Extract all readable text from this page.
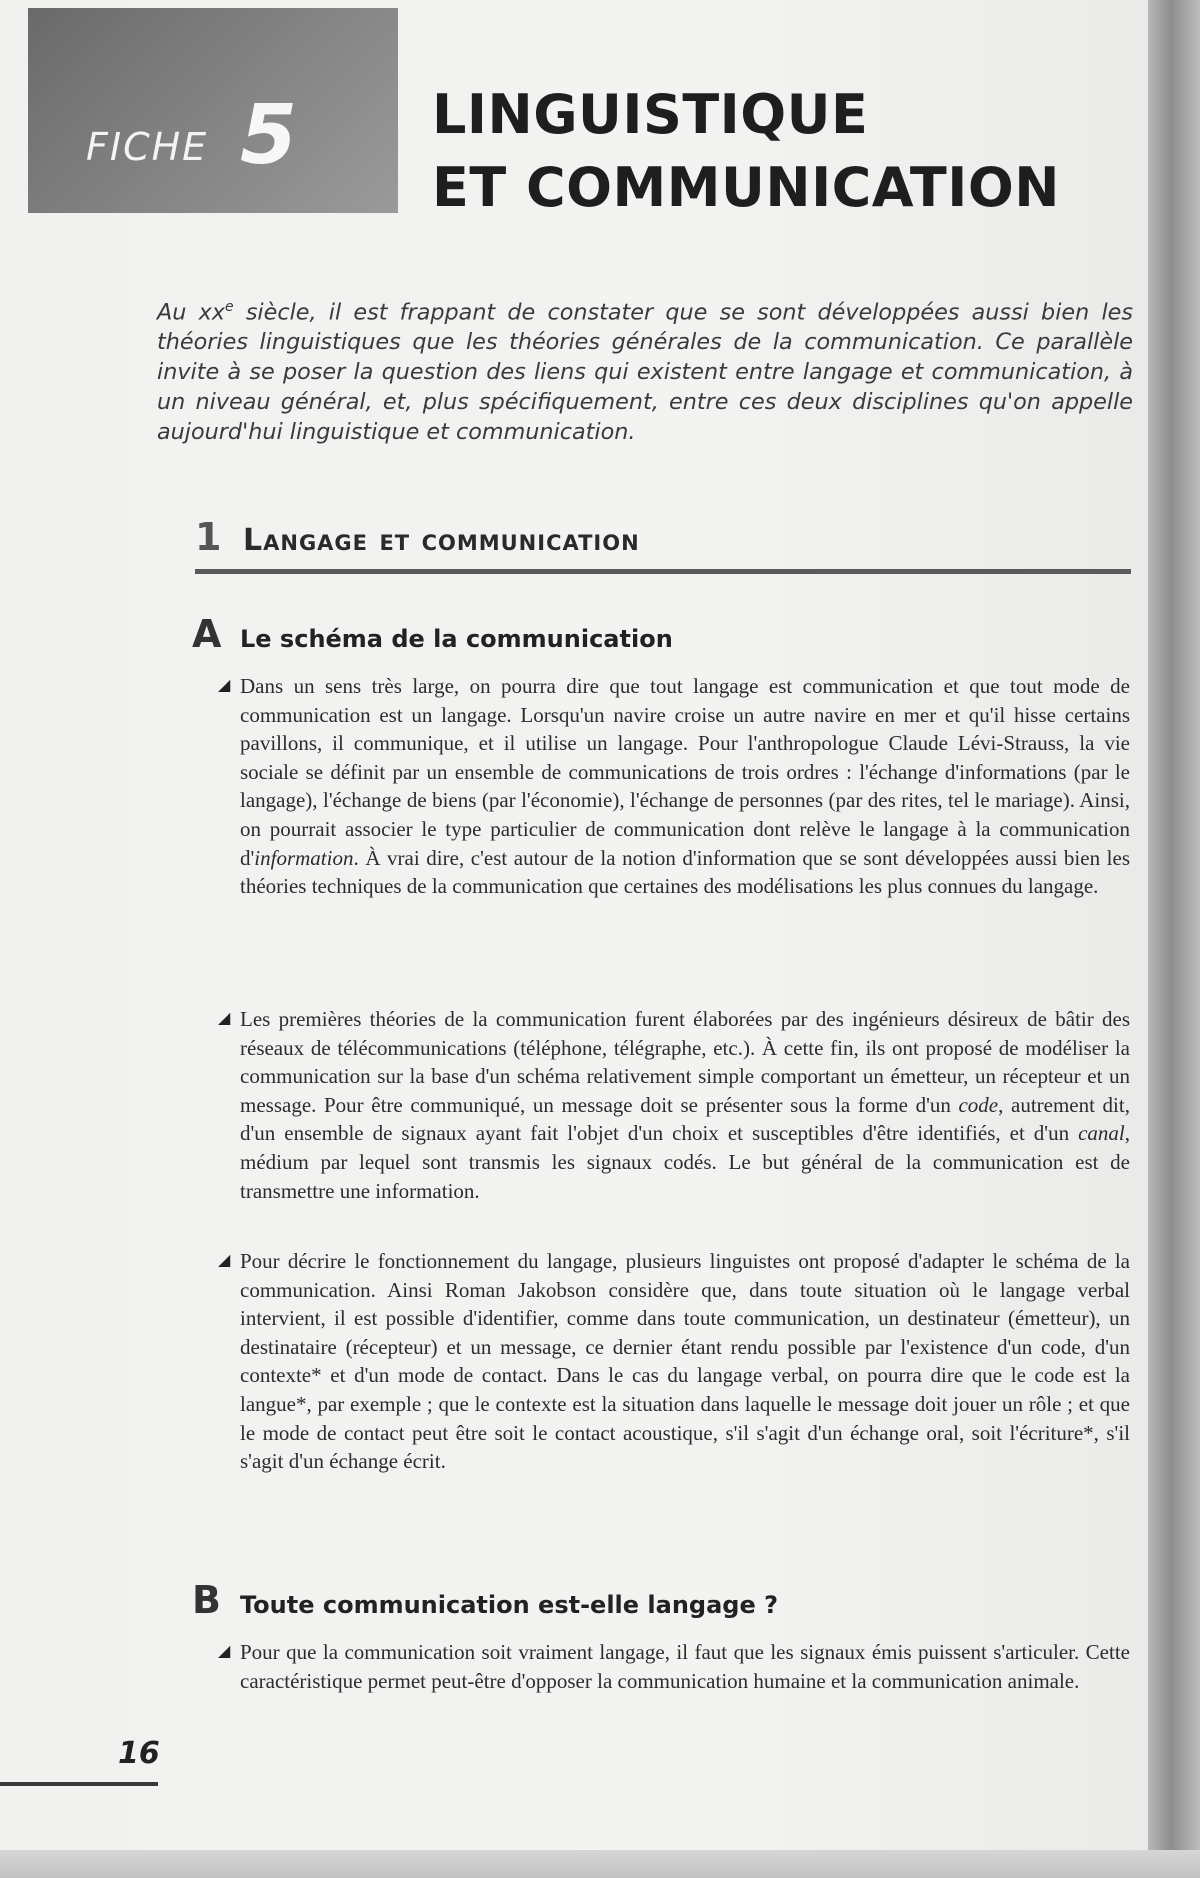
FICHE 5 LINGUISTIQUE
ET COMMUNICATION
Au $xx^e$ siècle, il est frappant de constater que se sont développées aussi bien les théories linguistiques que les théories générales de la communication. Ce parallèle invite à se poser la question des liens qui existent entre langage et communication, à un niveau général, et, plus spécifiquement, entre ces deux disciplines qu'on appelle aujourd'hui linguistique et communication.
1 Langage et communication
A Le schéma de la communication
◢ Dans un sens très large, on pourra dire que tout langage est communication et que tout mode de communication est un langage. Lorsqu'un navire croise un autre navire en mer et qu'il hisse certains pavillons, il communique, et il utilise un langage. Pour l'anthropologue Claude Lévi-Strauss, la vie sociale se définit par un ensemble de communications de trois ordres : l'échange d'informations (par le langage), l'échange de biens (par l'économie), l'échange de personnes (par des rites, tel le mariage). Ainsi, on pourrait associer le type particulier de communication dont relève le langage à la communication d'information. À vrai dire, c'est autour de la notion d'information que se sont développées aussi bien les théories techniques de la communication que certaines des modélisations les plus connues du langage.
◢ Les premières théories de la communication furent élaborées par des ingénieurs désireux de bâtir des réseaux de télécommunications (téléphone, télégraphe, etc.). À cette fin, ils ont proposé de modéliser la communication sur la base d'un schéma relativement simple comportant un émetteur, un récepteur et un message. Pour être communiqué, un message doit se présenter sous la forme d'un code, autrement dit, d'un ensemble de signaux ayant fait l'objet d'un choix et susceptibles d'être identifiés, et d'un canal, médium par lequel sont transmis les signaux codés. Le but général de la communication est de transmettre une information.
◢ Pour décrire le fonctionnement du langage, plusieurs linguistes ont proposé d'adapter le schéma de la communication. Ainsi Roman Jakobson considère que, dans toute situation où le langage verbal intervient, il est possible d'identifier, comme dans toute communication, un destinateur (émetteur), un destinataire (récepteur) et un message, ce dernier étant rendu possible par l'existence d'un code, d'un contexte* et d'un mode de contact. Dans le cas du langage verbal, on pourra dire que le code est la langue*, par exemple ; que le contexte est la situation dans laquelle le message doit jouer un rôle ; et que le mode de contact peut être soit le contact acoustique, s'il s'agit d'un échange oral, soit l'écriture*, s'il s'agit d'un échange écrit.
B Toute communication est-elle langage ?
◢ Pour que la communication soit vraiment langage, il faut que les signaux émis puissent s'articuler. Cette caractéristique permet peut-être d'opposer la communication humaine et la communication animale.
16
